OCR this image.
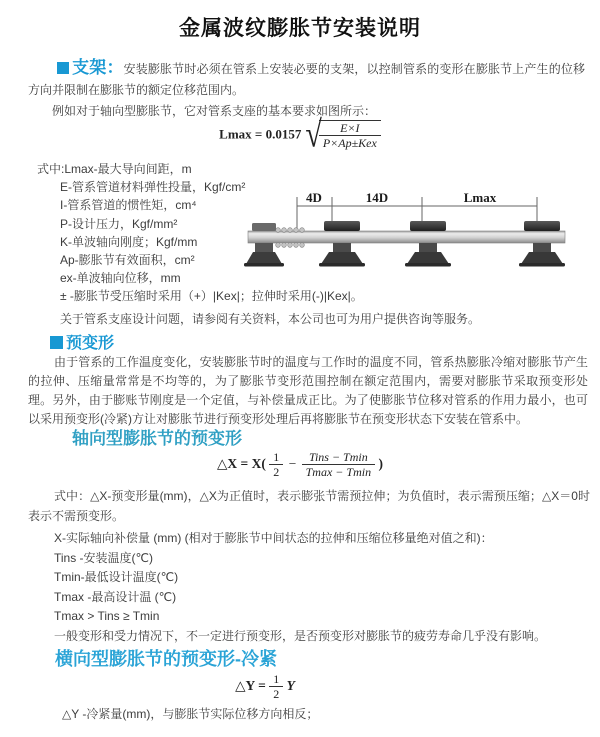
金属波纹膨胀节安装说明

支架：安装膨胀节时必须在管系上安装必要的支架，以控制管系的变形在膨胀节上产生的位移方向并限制在膨胀节的额定位移范围内。

例如对于轴向型膨胀节，它对管系支座的基本要求如图所示：

Lmax = 0.0157 √
$\frac{E\times I}{\text{P×Ap±Kex}}$
式中:Lmax-最大导向间距，m
E-管系管道材料弹性投量，Kgf/cm²
I-管系管道的惯性矩，cm⁴
P-设计压力，Kgf/mm²
K-单波轴向刚度；Kgf/mm
Ap-膨胀节有效面积，cm²
ex-单波轴向位移，mm
± -膨胀节受压缩时采用（+）|Kex|；拉伸时采用(-)|Kex|。
关于管系支座设计问题，请参阅有关资料，本公司也可为用户提供咨询等服务。
4D	14D	Lmax
预变形

由于管系的工作温度变化，安装膨胀节时的温度与工作时的温度不同，管系热膨胀冷缩对膨胀节产生的拉伸、压缩量常常是不均等的，为了膨胀节变形范围控制在额定范围内，需要对膨胀节采取预变形处理。另外，由于膨账节刚度是一个定值，与补偿量成正比。为了使膨胀节位移对管系的作用力最小，也可以采用预变形(冷紧)方让对膨胀节进行预变形处理后再将膨胀节在预变形状态下安装在管系中。

轴向型膨胀节的预变形
△X = $X( \frac{1}{2} - \frac{\text{Tins − Tmin}}{Tmax - Tmin}$ )

式中：△X-预变形量(mm)，△X为正值时，表示膨张节需预拉伸；为负值时，表示需预压缩；△X＝0时表示不需预变形。

X-实际轴向补偿量 (mm) (相对于膨胀节中间状态的拉伸和压缩位移量绝对值之和)：
Tins -安装温度(℃)
Tmin-最低设计温度(℃)
Tmax -最高设计温 (℃)
Tmax > Tins ≥ Tmin
一般变形和受力情况下，不一定进行预变形，是否预变形对膨胀节的疲劳寿命几乎没有影响。
横向型膨胀节的预变形-冷紧
△Y = $\frac{1}{2}$ Y
△Y -冷紧量(mm)，与膨胀节实际位移方向相反；
